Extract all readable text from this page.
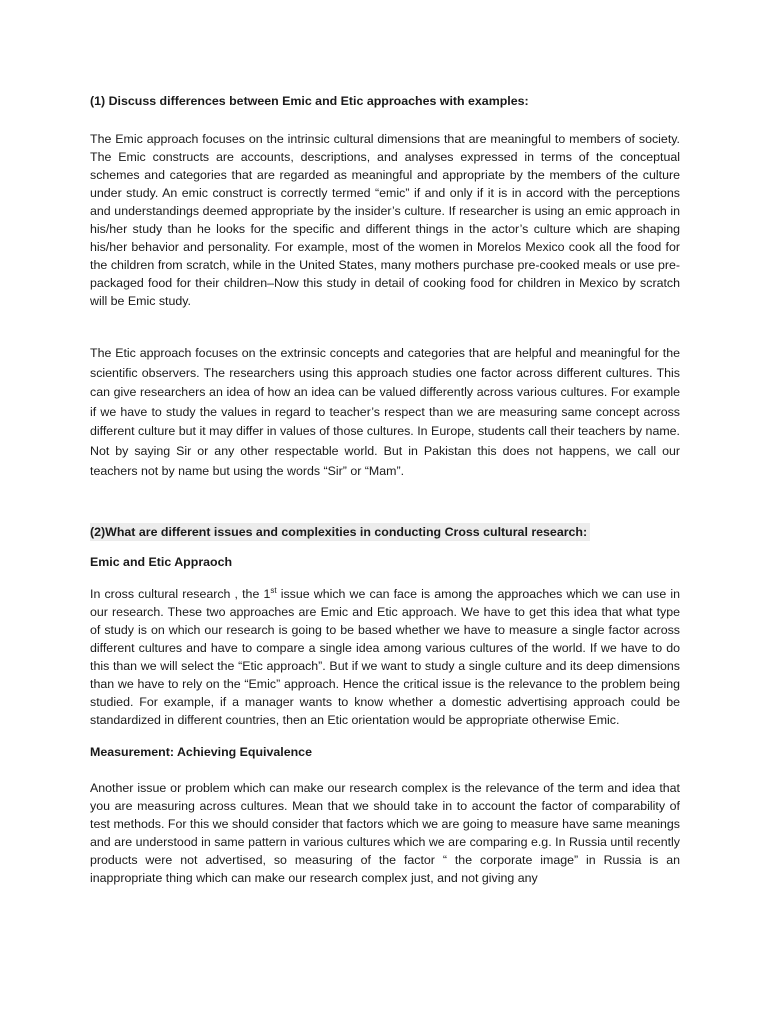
(1) Discuss differences between Emic and Etic approaches with examples:

The Emic approach focuses on the intrinsic cultural dimensions that are meaningful to members of society. The Emic constructs are accounts, descriptions, and analyses expressed in terms of the conceptual schemes and categories that are regarded as meaningful and appropriate by the members of the culture under study. An emic construct is correctly termed “emic” if and only if it is in accord with the perceptions and understandings deemed appropriate by the insider’s culture. If researcher is using an emic approach in his/her study than he looks for the specific and different things in the actor’s culture which are shaping his/her behavior and personality. For example, most of the women in Morelos Mexico cook all the food for the children from scratch, while in the United States, many mothers purchase pre-cooked meals or use pre-packaged food for their children–Now this study in detail of cooking food for children in Mexico by scratch will be Emic study.

The Etic approach focuses on the extrinsic concepts and categories that are helpful and meaningful for the scientific observers. The researchers using this approach studies one factor across different cultures. This can give researchers an idea of how an idea can be valued differently across various cultures. For example if we have to study the values in regard to teacher’s respect than we are measuring same concept across different culture but it may differ in values of those cultures. In Europe, students call their teachers by name. Not by saying Sir or any other respectable world. But in Pakistan this does not happens, we call our teachers not by name but using the words “Sir” or “Mam”.

(2)What are different issues and complexities in conducting Cross cultural research:

Emic and Etic Appraoch

In cross cultural research , the 1st issue which we can face is among the approaches which we can use in our research. These two approaches are Emic and Etic approach. We have to get this idea that what type of study is on which our research is going to be based whether we have to measure a single factor across different cultures and have to compare a single idea among various cultures of the world. If we have to do this than we will select the “Etic approach”. But if we want to study a single culture and its deep dimensions than we have to rely on the “Emic” approach. Hence the critical issue is the relevance to the problem being studied. For example, if a manager wants to know whether a domestic advertising approach could be standardized in different countries, then an Etic orientation would be appropriate otherwise Emic.

Measurement: Achieving Equivalence

Another issue or problem which can make our research complex is the relevance of the term and idea that you are measuring across cultures. Mean that we should take in to account the factor of comparability of test methods. For this we should consider that factors which we are going to measure have same meanings and are understood in same pattern in various cultures which we are comparing e.g. In Russia until recently products were not advertised, so measuring of the factor “ the corporate image” in Russia is an inappropriate thing which can make our research complex just, and not giving any
